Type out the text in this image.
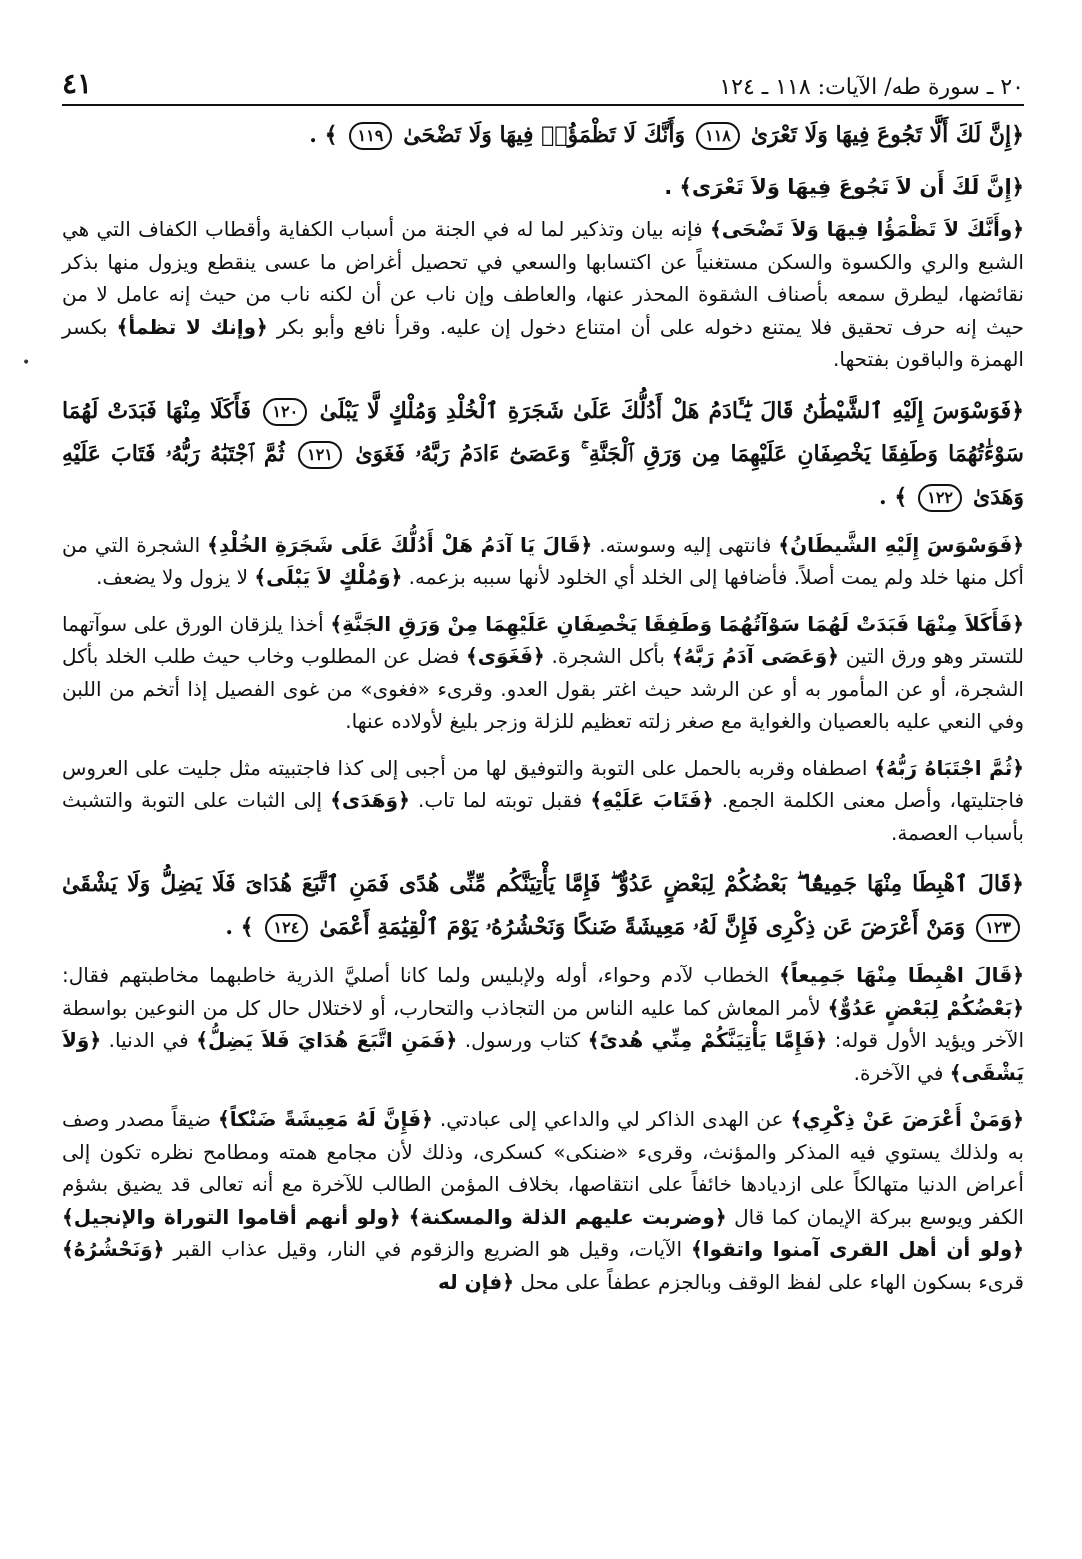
٢٠ ـ سورة طه/ الآيات: ١١٨ ـ ١٢٤
٤١
•

﴿إِنَّ لَكَ أَلَّا تَجُوعَ فِيهَا وَلَا تَعْرَىٰ ١١٨ وَأَنَّكَ لَا تَظْمَؤُا۟ فِيهَا وَلَا تَضْحَىٰ ١١٩ ﴾ .

﴿إِنَّ لَكَ أَن لاَ تَجُوعَ فِيهَا وَلاَ تَعْرَى﴾ .

﴿وأَنَّكَ لاَ تَظْمَؤُا فِيهَا وَلاَ تَضْحَى﴾ فإنه بيان وتذكير لما له في الجنة من أسباب الكفاية وأقطاب الكفاف التي هي الشبع والري والكسوة والسكن مستغنياً عن اكتسابها والسعي في تحصيل أغراض ما عسى ينقطع ويزول منها بذكر نقائضها، ليطرق سمعه بأصناف الشقوة المحذر عنها، والعاطف وإن ناب عن أن لكنه ناب من حيث إنه عامل لا من حيث إنه حرف تحقيق فلا يمتنع دخوله على أن امتناع دخول إن عليه. وقرأ نافع وأبو بكر ﴿وإنك لا تظمأ﴾ بكسر الهمزة والباقون بفتحها.

﴿فَوَسْوَسَ إِلَيْهِ ٱلشَّيْطَٰنُ قَالَ يَٰٓـَٔادَمُ هَلْ أَدُلُّكَ عَلَىٰ شَجَرَةِ ٱلْخُلْدِ وَمُلْكٍ لَّا يَبْلَىٰ ١٢٠ فَأَكَلَا مِنْهَا فَبَدَتْ لَهُمَا سَوْءَٰتُهُمَا وَطَفِقَا يَخْصِفَانِ عَلَيْهِمَا مِن وَرَقِ ٱلْجَنَّةِ ۚ وَعَصَىٰٓ ءَادَمُ رَبَّهُۥ فَغَوَىٰ ١٢١ ثُمَّ ٱجْتَبَٰهُ رَبُّهُۥ فَتَابَ عَلَيْهِ وَهَدَىٰ ١٢٢ ﴾ .

﴿فَوَسْوَسَ إِلَيْهِ الشَّيطَانُ﴾ فانتهى إليه وسوسته. ﴿قَالَ يَا آدَمُ هَلْ أَدُلُّكَ عَلَى شَجَرَةِ الخُلْدِ﴾ الشجرة التي من أكل منها خلد ولم يمت أصلاً. فأضافها إلى الخلد أي الخلود لأنها سببه بزعمه. ﴿وَمُلْكٍ لاَ يَبْلَى﴾ لا يزول ولا يضعف.

﴿فَأَكَلاَ مِنْهَا فَبَدَتْ لَهُمَا سَوْآتُهُمَا وَطَفِقَا يَخْصِفَانِ عَلَيْهِمَا مِنْ وَرَقِ الجَنَّةِ﴾ أخذا يلزقان الورق على سوآتهما للتستر وهو ورق التين ﴿وَعَصَى آدَمُ رَبَّهُ﴾ بأكل الشجرة. ﴿فَغَوَى﴾ فضل عن المطلوب وخاب حيث طلب الخلد بأكل الشجرة، أو عن المأمور به أو عن الرشد حيث اغتر بقول العدو. وقرىء «فغوى» من غوى الفصيل إذا أتخم من اللبن وفي النعي عليه بالعصيان والغواية مع صغر زلته تعظيم للزلة وزجر بليغ لأولاده عنها.

﴿ثُمَّ اجْتَبَاهُ رَبُّهُ﴾ اصطفاه وقربه بالحمل على التوبة والتوفيق لها من أجبى إلى كذا فاجتبيته مثل جليت على العروس فاجتليتها، وأصل معنى الكلمة الجمع. ﴿فَتَابَ عَلَيْهِ﴾ فقبل توبته لما تاب. ﴿وَهَدَى﴾ إلى الثبات على التوبة والتشبث بأسباب العصمة.

﴿قَالَ ٱهْبِطَا مِنْهَا جَمِيعًۢا ۖ بَعْضُكُمْ لِبَعْضٍ عَدُوٌّ ۖ فَإِمَّا يَأْتِيَنَّكُم مِّنِّى هُدًى فَمَنِ ٱتَّبَعَ هُدَاىَ فَلَا يَضِلُّ وَلَا يَشْقَىٰ ١٢٣ وَمَنْ أَعْرَضَ عَن ذِكْرِى فَإِنَّ لَهُۥ مَعِيشَةً ضَنكًا وَنَحْشُرُهُۥ يَوْمَ ٱلْقِيَٰمَةِ أَعْمَىٰ ١٢٤ ﴾ .

﴿قَالَ اهْبِطَا مِنْهَا جَمِيعاً﴾ الخطاب لآدم وحواء، أوله ولإبليس ولما كانا أصليَّ الذرية خاطبهما مخاطبتهم فقال: ﴿بَعْضُكُمْ لِبَعْضٍ عَدُوٌّ﴾ لأمر المعاش كما عليه الناس من التجاذب والتحارب، أو لاختلال حال كل من النوعين بواسطة الآخر ويؤيد الأول قوله: ﴿فَإِمَّا يَأْتِيَنَّكُمْ مِنِّي هُدىً﴾ كتاب ورسول. ﴿فَمَنِ اتَّبَعَ هُدَايَ فَلاَ يَضِلُّ﴾ في الدنيا. ﴿وَلاَ يَشْقَى﴾ في الآخرة.

﴿وَمَنْ أَعْرَضَ عَنْ ذِكْرِي﴾ عن الهدى الذاكر لي والداعي إلى عبادتي. ﴿فَإِنَّ لَهُ مَعِيشَةً ضَنْكاً﴾ ضيقاً مصدر وصف به ولذلك يستوي فيه المذكر والمؤنث، وقرىء «ضنكى» كسكرى، وذلك لأن مجامع همته ومطامح نظره تكون إلى أعراض الدنيا متهالكاً على ازديادها خائفاً على انتقاصها، بخلاف المؤمن الطالب للآخرة مع أنه تعالى قد يضيق بشؤم الكفر ويوسع ببركة الإيمان كما قال ﴿وضربت عليهم الذلة والمسكنة﴾ ﴿ولو أنهم أقاموا التوراة والإنجيل﴾ ﴿ولو أن أهل القرى آمنوا واتقوا﴾ الآيات، وقيل هو الضريع والزقوم في النار، وقيل عذاب القبر ﴿وَنَحْشُرُهُ﴾ قرىء بسكون الهاء على لفظ الوقف وبالجزم عطفاً على محل ﴿فإن له
